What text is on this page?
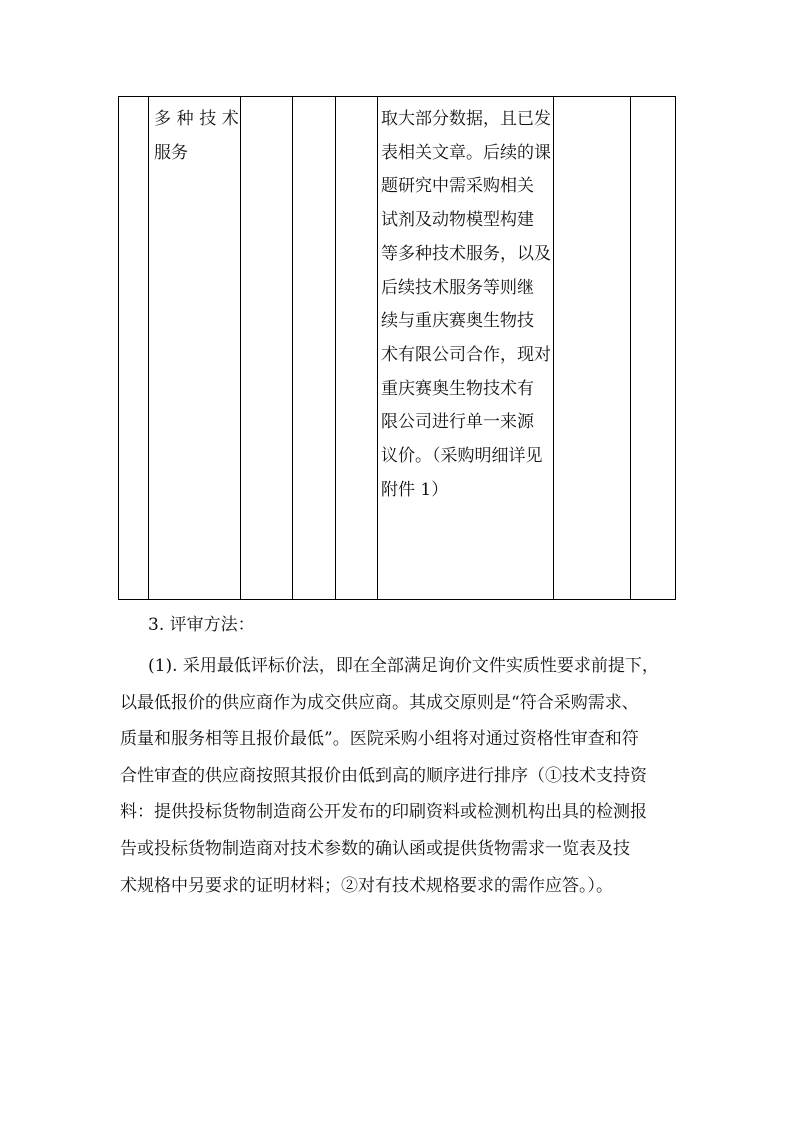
多种技术
服务
取大部分数据，且已发
表相关文章。后续的课
题研究中需采购相关
试剂及动物模型构建
等多种技术服务，以及
后续技术服务等则继
续与重庆赛奥生物技
术有限公司合作，现对
重庆赛奥生物技术有
限公司进行单一来源
议价。（采购明细详见
附件 1）
3. 评审方法：
(1). 采用最低评标价法，即在全部满足询价文件实质性要求前提下，
以最低报价的供应商作为成交供应商。其成交原则是“符合采购需求、
质量和服务相等且报价最低”。医院采购小组将对通过资格性审查和符
合性审查的供应商按照其报价由低到高的顺序进行排序（①技术支持资
料：提供投标货物制造商公开发布的印刷资料或检测机构出具的检测报
告或投标货物制造商对技术参数的确认函或提供货物需求一览表及技
术规格中另要求的证明材料；②对有技术规格要求的需作应答。）。
